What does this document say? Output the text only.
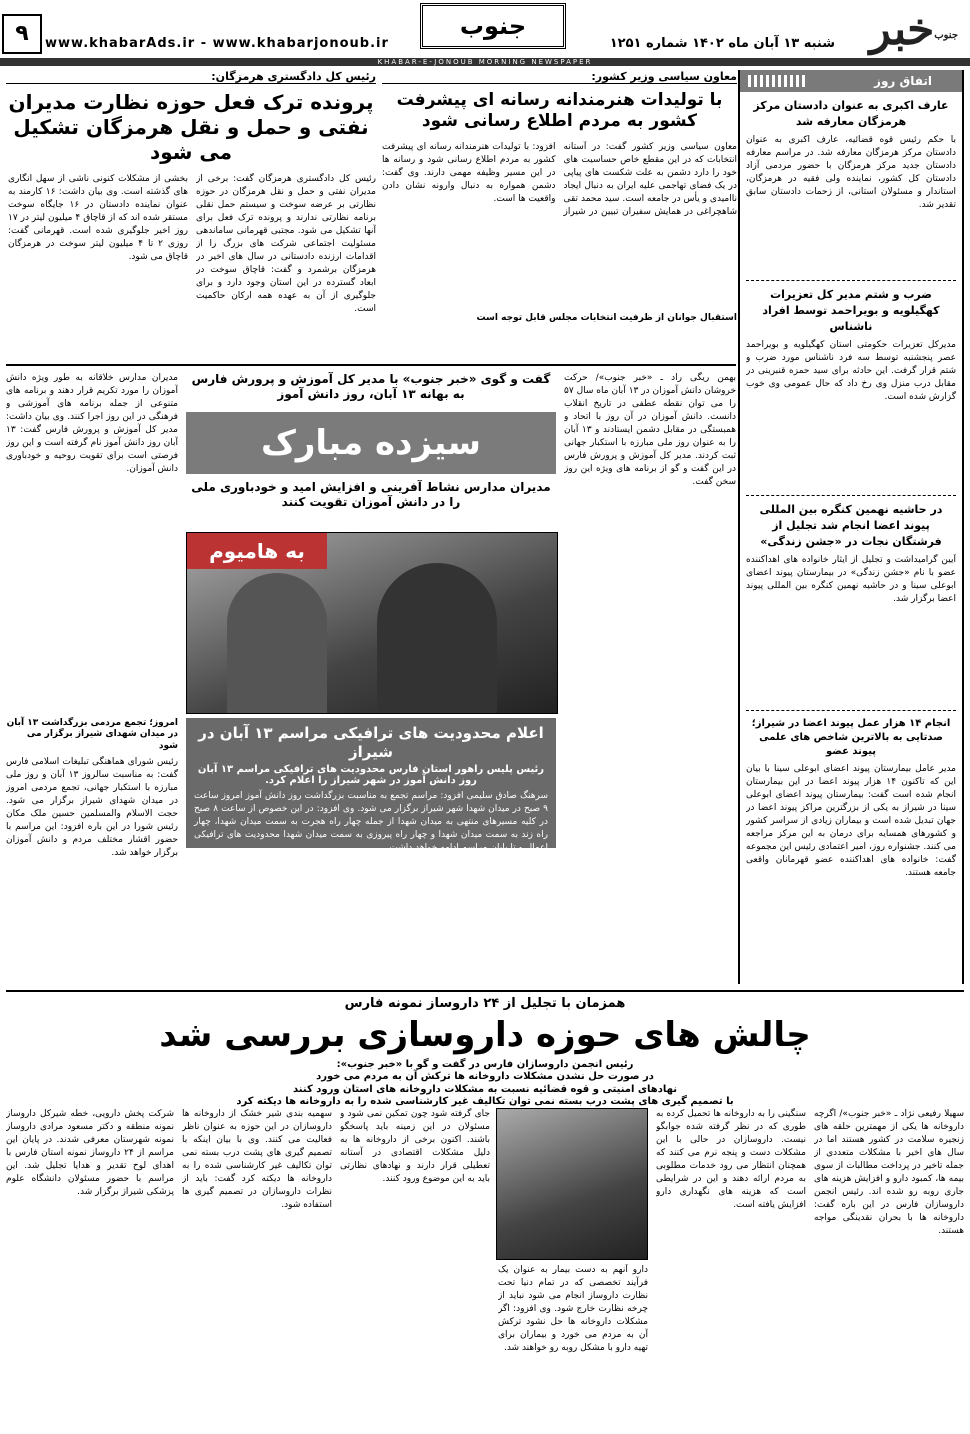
خبر جنوب
جنوب
شنبه ۱۳ آبان ماه ۱۴۰۲ شماره ۱۲۵۱
www.khabarAds.ir - www.khabarjonoub.ir
۹
KHABAR-E-JONOUB MORNING NEWSPAPER
اتفاق روز
عارف اکبری به عنوان دادستان مرکز هرمزگان معارفه شد
با حکم رئیس قوه قضائیه، عارف اکبری به عنوان دادستان مرکز هرمزگان معارفه شد. در مراسم معارفه دادستان جدید مرکز هرمزگان با حضور مردمی آزاد دادستان کل کشور، نماینده ولی فقیه در هرمزگان، استاندار و مسئولان استانی، از زحمات دادستان سابق تقدیر شد.
ضرب و شتم مدیر کل تعزیرات کهگیلویه و بویراحمد توسط افراد ناشناس
مدیرکل تعزیرات حکومتی استان کهگیلویه و بویراحمد عصر پنجشنبه توسط سه فرد ناشناس مورد ضرب و شتم قرار گرفت. این حادثه برای سید حمزه قنبرینی در مقابل درب منزل وی رخ داد که حال عمومی وی خوب گزارش شده است.
در حاشیه نهمین کنگره بین المللی پیوند اعضا انجام شد تجلیل از فرشتگان نجات در «جشن زندگی»
آیین گرامیداشت و تجلیل از ایثار خانواده های اهداکننده عضو با نام «جشن زندگی» در بیمارستان پیوند اعضای ابوعلی سینا و در حاشیه نهمین کنگره بین المللی پیوند اعضا برگزار شد.
انجام ۱۴ هزار عمل پیوند اعضا در شیراز؛ صدتایی به بالاترین شاخص های علمی پیوند عضو
مدیر عامل بیمارستان پیوند اعضای ابوعلی سینا با بیان این که تاکنون ۱۴ هزار پیوند اعضا در این بیمارستان انجام شده است گفت: بیمارستان پیوند اعضای ابوعلی سینا در شیراز به یکی از بزرگترین مراکز پیوند اعضا در جهان تبدیل شده است و بیماران زیادی از سراسر کشور و کشورهای همسایه برای درمان به این مرکز مراجعه می کنند. جشنواره روز، امیر اعتمادی رئیس این مجموعه گفت: خانواده های اهداکننده عضو قهرمانان واقعی جامعه هستند.
رئیس کل دادگستری هرمزگان:
پرونده ترک فعل حوزه نظارت مدیران نفتی و حمل و نقل هرمزگان تشکیل می شود
رئیس کل دادگستری هرمزگان گفت: برخی از مدیران نفتی و حمل و نقل هرمزگان در حوزه نظارتی بر عرضه سوخت و سیستم حمل نقلی برنامه نظارتی ندارند و پرونده ترک فعل برای آنها تشکیل می شود. مجتبی قهرمانی ساماندهی مسئولیت اجتماعی شرکت های بزرگ را از اقدامات ارزنده دادستانی در سال های اخیر در هرمزگان برشمرد و گفت: قاچاق سوخت در ابعاد گسترده در این استان وجود دارد و برای جلوگیری از آن به عهده همه ارکان حاکمیت است.
بخشی از مشکلات کنونی ناشی از سهل انگاری های گذشته است. وی بیان داشت: ۱۶ کارمند به عنوان نماینده دادستان در ۱۶ جایگاه سوخت مستقر شده اند که از قاچاق ۴ میلیون لیتر در ۱۷ روز اخیر جلوگیری شده است. قهرمانی گفت: روزی ۲ تا ۴ میلیون لیتر سوخت در هرمزگان قاچاق می شود.
معاون سیاسی وزیر کشور:
با تولیدات هنرمندانه رسانه ای پیشرفت کشور به مردم اطلاع رسانی شود
معاون سیاسی وزیر کشور گفت: در آستانه انتخابات که در این مقطع خاص حساسیت های خود را دارد دشمن به علت شکست های پیاپی در یک فضای تهاجمی علیه ایران به دنبال ایجاد ناامیدی و یأس در جامعه است. سید محمد تقی شاهچراغی در همایش سفیران تبیین در شیراز افزود: با تولیدات هنرمندانه رسانه ای پیشرفت کشور به مردم اطلاع رسانی شود و رسانه ها در این مسیر وظیفه مهمی دارند. وی گفت: دشمن همواره به دنبال وارونه نشان دادن واقعیت ها است.
استقبال جوانان از ظرفیت انتخابات مجلس قابل توجه است
گفت و گوی «خبر جنوب» با مدیر کل آموزش و پرورش فارس به بهانه ۱۳ آبان، روز دانش آموز
سیزده مبارک
مدیران مدارس نشاط آفرینی و افزایش امید و خودباوری ملی را در دانش آموزان تقویت کنند
به هامیوم
بهمن ریگی راد ـ «خبر جنوب»/ حرکت خروشان دانش آموزان در ۱۳ آبان ماه سال ۵۷ را می توان نقطه عطفی در تاریخ انقلاب دانست. دانش آموزان در آن روز با اتحاد و همبستگی در مقابل دشمن ایستادند و ۱۳ آبان را به عنوان روز ملی مبارزه با استکبار جهانی ثبت کردند. مدیر کل آموزش و پرورش فارس در این گفت و گو از برنامه های ویژه این روز سخن گفت.
مدیران مدارس خلاقانه به طور ویژه دانش آموزان را مورد تکریم قرار دهند و برنامه های متنوعی از جمله برنامه های آموزشی و فرهنگی در این روز اجرا کنند. وی بیان داشت: مدیر کل آموزش و پرورش فارس گفت: ۱۳ آبان روز دانش آموز نام گرفته است و این روز فرصتی است برای تقویت روحیه و خودباوری دانش آموزان.
اعلام محدودیت های ترافیکی مراسم ۱۳ آبان در شیراز
رئیس پلیس راهور استان فارس محدودیت های ترافیکی مراسم ۱۳ آبان روز دانش آموز در شهر شیراز را اعلام کرد.
سرهنگ صادق سلیمی افزود: مراسم تجمع به مناسبت بزرگداشت روز دانش آموز امروز ساعت ۹ صبح در میدان شهدا شهر شیراز برگزار می شود. وی افزود: در این خصوص از ساعت ۸ صبح در کلیه مسیرهای منتهی به میدان شهدا از جمله چهار راه هجرت به سمت میدان شهدا، چهار راه زند به سمت میدان شهدا و چهار راه پیروزی به سمت میدان شهدا محدودیت های ترافیکی اعمال و تا پایان مراسم ادامه خواهد داشت.
امروز؛ تجمع مردمی بزرگداشت ۱۳ آبان در میدان شهدای شیراز برگزار می شود
رئیس شورای هماهنگی تبلیغات اسلامی فارس گفت: به مناسبت سالروز ۱۳ آبان و روز ملی مبارزه با استکبار جهانی، تجمع مردمی امروز در میدان شهدای شیراز برگزار می شود. حجت الاسلام والمسلمین حسین ملک مکان رئیس شورا در این باره افزود: این مراسم با حضور اقشار مختلف مردم و دانش آموزان برگزار خواهد شد.
همزمان با تجلیل از ۲۴ داروساز نمونه فارس
چالش های حوزه داروسازی بررسی شد
رئیس انجمن داروسازان فارس در گفت و گو با «خبر جنوب»:
در صورت حل نشدن مشکلات داروخانه ها ترکش آن به مردم می خورد
نهادهای امنیتی و قوه قضائیه نسبت به مشکلات داروخانه های استان ورود کنند
با تصمیم گیری های پشت درب بسته نمی توان تکالیف غیر کارشناسی شده را به داروخانه ها دیکته کرد
سهیلا رفیعی نژاد ـ «خبر جنوب»/ اگرچه داروخانه ها یکی از مهمترین حلقه های زنجیره سلامت در کشور هستند اما در سال های اخیر با مشکلات متعددی از جمله تاخیر در پرداخت مطالبات از سوی بیمه ها، کمبود دارو و افزایش هزینه های جاری روبه رو شده اند. رئیس انجمن داروسازان فارس در این باره گفت: داروخانه ها با بحران نقدینگی مواجه هستند.
سنگینی را به داروخانه ها تحمیل کرده به طوری که در نظر گرفته شده جوابگو نیست. داروسازان در حالی با این مشکلات دست و پنجه نرم می کنند که همچنان انتظار می رود خدمات مطلوبی به مردم ارائه دهند و این در شرایطی است که هزینه های نگهداری دارو افزایش یافته است.
دارو آنهم به دست بیمار به عنوان یک فرآیند تخصصی که در تمام دنیا تحت نظارت داروساز انجام می شود نباید از چرخه نظارت خارج شود. وی افزود: اگر مشکلات داروخانه ها حل نشود ترکش آن به مردم می خورد و بیماران برای تهیه دارو با مشکل روبه رو خواهند شد.
جای گرفته شود چون تمکین نمی شود و مسئولان در این زمینه باید پاسخگو باشند. اکنون برخی از داروخانه ها به دلیل مشکلات اقتصادی در آستانه تعطیلی قرار دارند و نهادهای نظارتی باید به این موضوع ورود کنند.
سهمیه بندی شیر خشک از داروخانه ها داروسازان در این حوزه به عنوان ناظر فعالیت می کنند. وی با بیان اینکه با تصمیم گیری های پشت درب بسته نمی توان تکالیف غیر کارشناسی شده را به داروخانه ها دیکته کرد گفت: باید از نظرات داروسازان در تصمیم گیری ها استفاده شود.
شرکت پخش دارویی، خطه شیرکل داروساز نمونه منطقه و دکتر مسعود مرادی داروساز نمونه شهرستان معرفی شدند. در پایان این مراسم از ۲۴ داروساز نمونه استان فارس با اهدای لوح تقدیر و هدایا تجلیل شد. این مراسم با حضور مسئولان دانشگاه علوم پزشکی شیراز برگزار شد.
